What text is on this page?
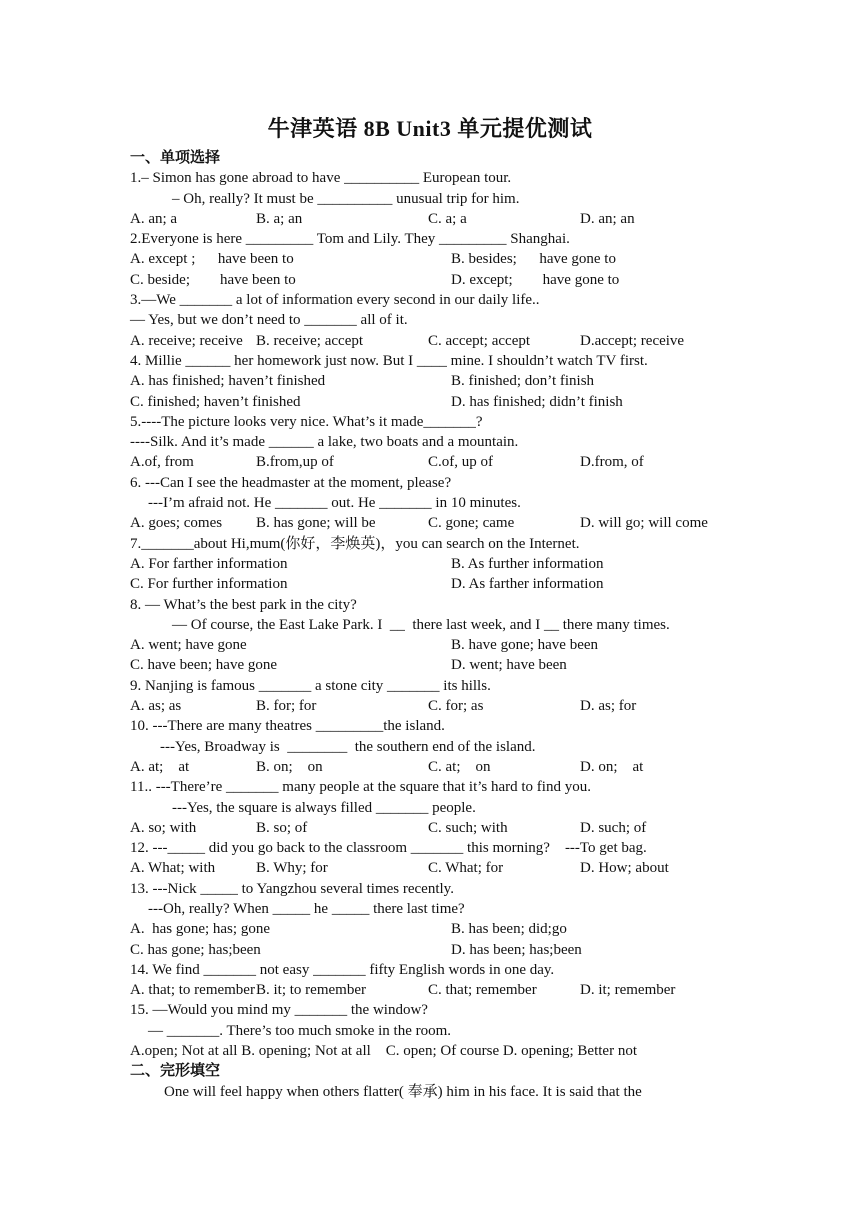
牛津英语 8B Unit3 单元提优测试
一、单项选择
1.– Simon has gone abroad to have __________ European tour.
– Oh, really? It must be __________ unusual trip for him.
A. an; a	B. a; an	C. a; a	D. an; an
2.Everyone is here _________ Tom and Lily. They _________ Shanghai.
A. except ;      have been to	B. besides;      have gone to
C. beside;        have been to	D. except;        have gone to
3.—We _______ a lot of information every second in our daily life..
— Yes, but we don’t need to _______ all of it.
A. receive; receive B. receive; accept	C. accept; accept	D.accept; receive
4. Millie ______ her homework just now. But I ____ mine. I shouldn’t watch TV first.
A. has finished; haven’t finished	B. finished; don’t finish
C. finished; haven’t finished	D. has finished; didn’t finish
5.----The picture looks very nice. What’s it made_______?
----Silk. And it’s made ______ a lake, two boats and a mountain.
A.of, from	B.from,up of	C.of, up of	D.from, of
6. ---Can I see the headmaster at the moment, please?
---I’m afraid not. He _______ out. He _______ in 10 minutes.
A. goes; comes B. has gone; will be	C. gone; came	D. will go; will come
7._______about Hi,mum(你好，李焕英)，you can search on the Internet.
A. For farther information	B. As further information
C. For further information	D. As farther information
8. — What’s the best park in the city?
— Of course, the East Lake Park. I  __  there last week, and I __ there many times.
A. went; have gone	B. have gone; have been
C. have been; have gone	D. went; have been
9. Nanjing is famous _______ a stone city _______ its hills.
A. as; as	B. for; for	C. for; as	D. as; for
10. ---There are many theatres _________the island.
---Yes, Broadway is  ________  the southern end of the island.
A. at;    at	B. on;    on	C. at;    on	D. on;    at
11.. ---There’re _______ many people at the square that it’s hard to find you.
---Yes, the square is always filled _______ people.
A. so; with	B. so; of	C. such; with	D. such; of
12. ---_____ did you go back to the classroom _______ this morning?    ---To get bag.
A. What; with	B. Why; for	C. What; for	D. How; about
13. ---Nick _____ to Yangzhou several times recently.
---Oh, really? When _____ he _____ there last time?
A.  has gone; has; gone	B. has been; did;go
C. has gone; has;been	D. has been; has;been
14. We find _______ not easy _______ fifty English words in one day.
A. that; to remember B. it; to remember	C. that; remember	D. it; remember
15. —Would you mind my _______ the window?
— _______. There’s too much smoke in the room.
A.open; Not at all B. opening; Not at all    C. open; Of course D. opening; Better not
二、完形填空
One will feel happy when others flatter( 奉承) him in his face. It is said that the
